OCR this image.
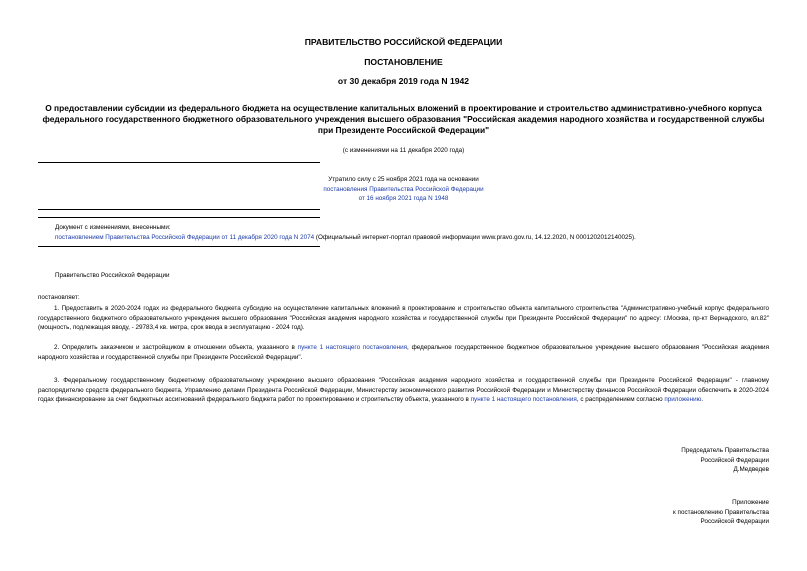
ПРАВИТЕЛЬСТВО РОССИЙСКОЙ ФЕДЕРАЦИИ
ПОСТАНОВЛЕНИЕ
от 30 декабря 2019 года N 1942
О предоставлении субсидии из федерального бюджета на осуществление капитальных вложений в проектирование и строительство административно-учебного корпуса федерального государственного бюджетного образовательного учреждения высшего образования "Российская академия народного хозяйства и государственной службы при Президенте Российской Федерации"
(с изменениями на 11 декабря 2020 года)
Утратило силу с 25 ноября 2021 года на основании
постановления Правительства Российской Федерации
от 16 ноября 2021 года N 1948
Документ с изменениями, внесенными:
постановлением Правительства Российской Федерации от 11 декабря 2020 года N 2074 (Официальный интернет-портал правовой информации www.pravo.gov.ru, 14.12.2020, N 0001202012140025).
Правительство Российской Федерации
постановляет:
1. Предоставить в 2020-2024 годах из федерального бюджета субсидию на осуществление капитальных вложений в проектирование и строительство объекта капитального строительства "Административно-учебный корпус федерального государственного бюджетного образовательного учреждения высшего образования "Российская академия народного хозяйства и государственной службы при Президенте Российской Федерации" по адресу: г.Москва, пр-кт Вернадского, вл.82" (мощность, подлежащая вводу, - 29783,4 кв. метра, срок ввода в эксплуатацию - 2024 год).
2. Определить заказчиком и застройщиком в отношении объекта, указанного в пункте 1 настоящего постановления, федеральное государственное бюджетное образовательное учреждение высшего образования "Российская академия народного хозяйства и государственной службы при Президенте Российской Федерации".
3. Федеральному государственному бюджетному образовательному учреждению высшего образования "Российская академия народного хозяйства и государственной службы при Президенте Российской Федерации" - главному распорядителю средств федерального бюджета, Управлению делами Президента Российской Федерации, Министерству экономического развития Российской Федерации и Министерству финансов Российской Федерации обеспечить в 2020-2024 годах финансирование за счет бюджетных ассигнований федерального бюджета работ по проектированию и строительству объекта, указанного в пункте 1 настоящего постановления, с распределением согласно приложению.
Председатель Правительства
Российской Федерации
Д.Медведев
Приложение
к постановлению Правительства
Российской Федерации
